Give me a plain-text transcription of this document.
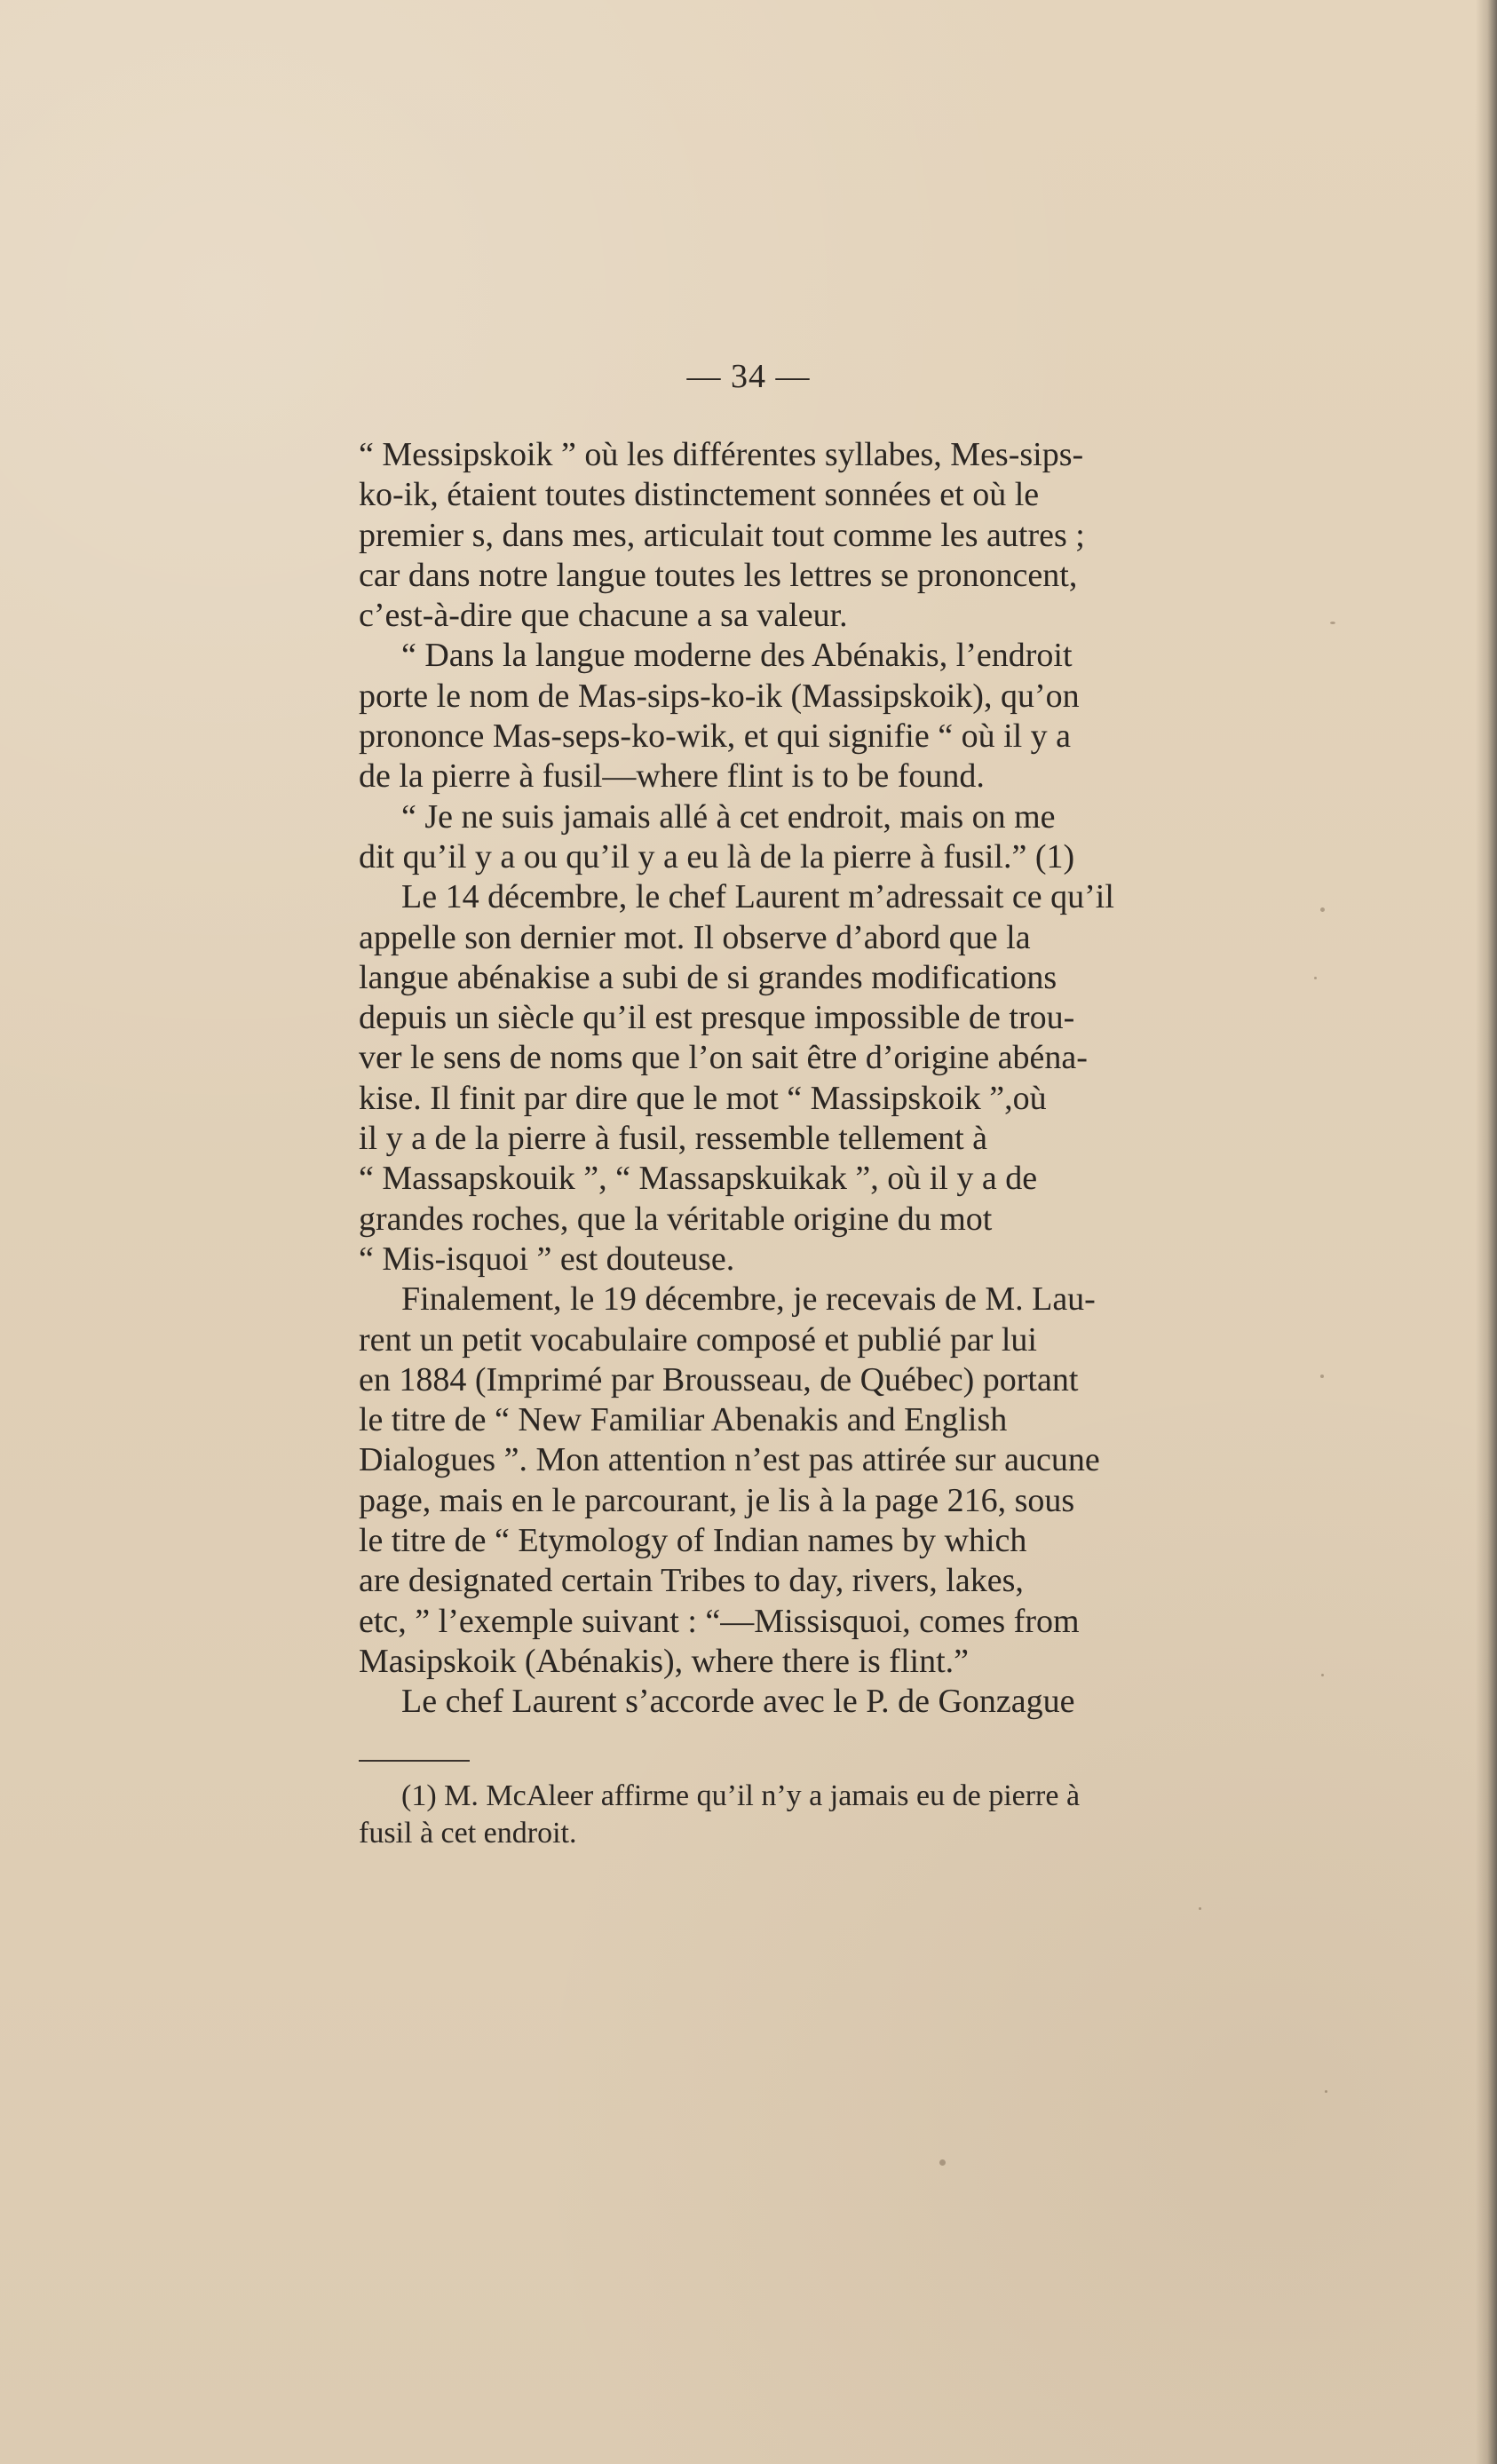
— 34 —
“ Messipskoik ” où les différentes syllabes, Mes-sips-
ko-ik, étaient toutes distinctement sonnées et où le
premier s, dans mes, articulait tout comme les autres ;
car dans notre langue toutes les lettres se prononcent,
c’est-à-dire que chacune a sa valeur.
“ Dans la langue moderne des Abénakis, l’endroit
porte le nom de Mas-sips-ko-ik (Massipskoik), qu’on
prononce Mas-seps-ko-wik, et qui signifie “ où il y a
de la pierre à fusil—where flint is to be found.
“ Je ne suis jamais allé à cet endroit, mais on me
dit qu’il y a ou qu’il y a eu là de la pierre à fusil.” (1)
Le 14 décembre, le chef Laurent m’adressait ce qu’il
appelle son dernier mot. Il observe d’abord que la
langue abénakise a subi de si grandes modifications
depuis un siècle qu’il est presque impossible de trou-
ver le sens de noms que l’on sait être d’origine abéna-
kise. Il finit par dire que le mot “ Massipskoik ”,où
il y a de la pierre à fusil, ressemble tellement à
“ Massapskouik ”, “ Massapskuikak ”, où il y a de
grandes roches, que la véritable origine du mot
“ Mis-isquoi ” est douteuse.
Finalement, le 19 décembre, je recevais de M. Lau-
rent un petit vocabulaire composé et publié par lui
en 1884 (Imprimé par Brousseau, de Québec) portant
le titre de “ New Familiar Abenakis and English
Dialogues ”. Mon attention n’est pas attirée sur aucune
page, mais en le parcourant, je lis à la page 216, sous
le titre de “ Etymology of Indian names by which
are designated certain Tribes to day, rivers, lakes,
etc, ” l’exemple suivant : “—Missisquoi, comes from
Masipskoik (Abénakis), where there is flint.”
Le chef Laurent s’accorde avec le P. de Gonzague
(1) M. McAleer affirme qu’il n’y a jamais eu de pierre à
fusil à cet endroit.
